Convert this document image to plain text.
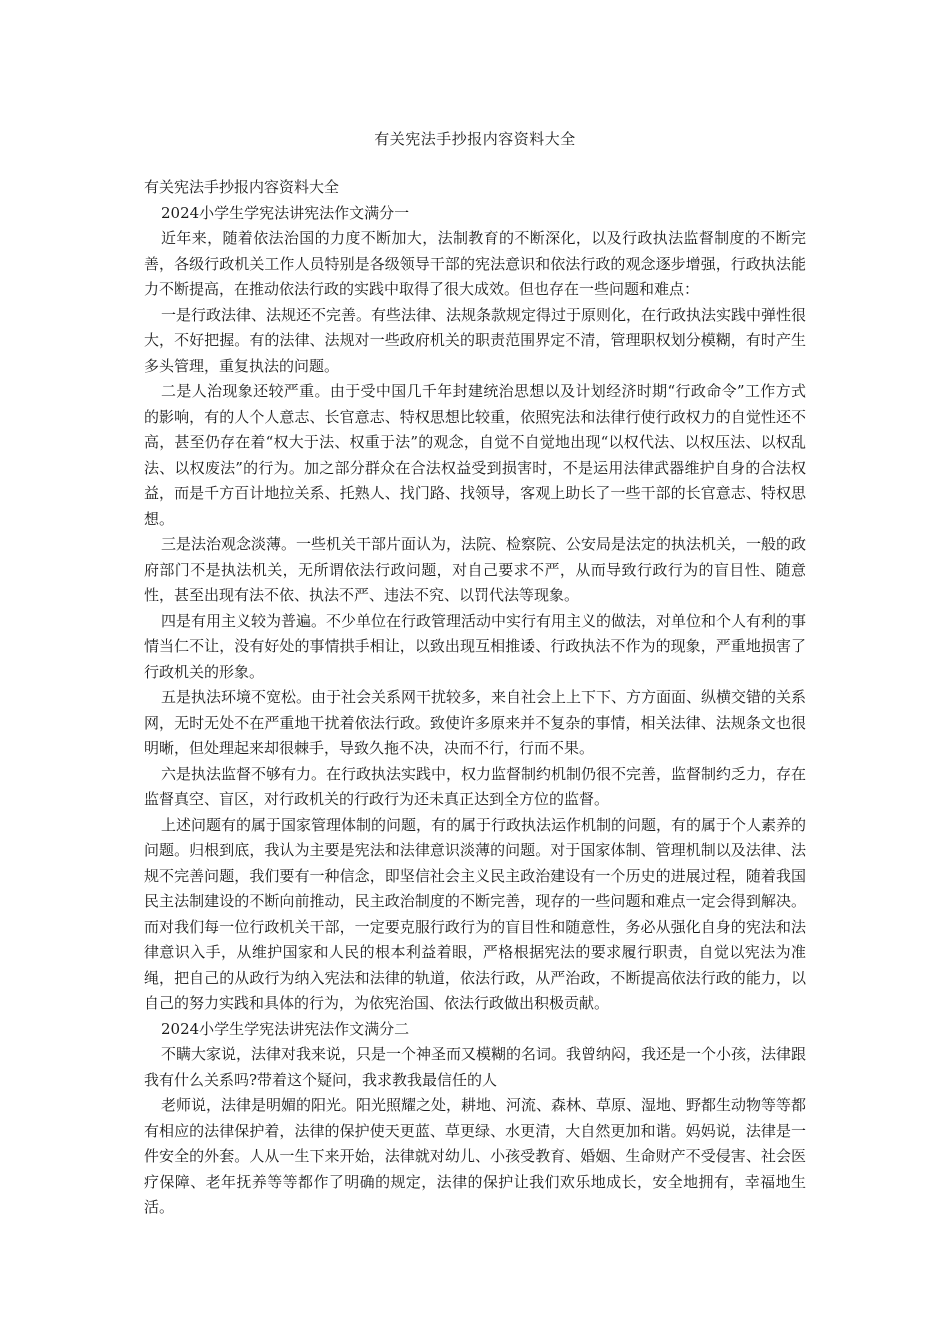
有关宪法手抄报内容资料大全

有关宪法手抄报内容资料大全

2024小学生学宪法讲宪法作文满分一

近年来，随着依法治国的力度不断加大，法制教育的不断深化，以及行政执法监督制度的不断完善，各级行政机关工作人员特别是各级领导干部的宪法意识和依法行政的观念逐步增强，行政执法能力不断提高，在推动依法行政的实践中取得了很大成效。但也存在一些问题和难点：

一是行政法律、法规还不完善。有些法律、法规条款规定得过于原则化，在行政执法实践中弹性很大，不好把握。有的法律、法规对一些政府机关的职责范围界定不清，管理职权划分模糊，有时产生多头管理，重复执法的问题。

二是人治现象还较严重。由于受中国几千年封建统治思想以及计划经济时期“行政命令”工作方式的影响，有的人个人意志、长官意志、特权思想比较重，依照宪法和法律行使行政权力的自觉性还不高，甚至仍存在着“权大于法、权重于法”的观念，自觉不自觉地出现“以权代法、以权压法、以权乱法、以权废法”的行为。加之部分群众在合法权益受到损害时，不是运用法律武器维护自身的合法权益，而是千方百计地拉关系、托熟人、找门路、找领导，客观上助长了一些干部的长官意志、特权思想。

三是法治观念淡薄。一些机关干部片面认为，法院、检察院、公安局是法定的执法机关，一般的政府部门不是执法机关，无所谓依法行政问题，对自己要求不严，从而导致行政行为的盲目性、随意性，甚至出现有法不依、执法不严、违法不究、以罚代法等现象。

四是有用主义较为普遍。不少单位在行政管理活动中实行有用主义的做法，对单位和个人有利的事情当仁不让，没有好处的事情拱手相让，以致出现互相推诿、行政执法不作为的现象，严重地损害了行政机关的形象。

五是执法环境不宽松。由于社会关系网干扰较多，来自社会上上下下、方方面面、纵横交错的关系网，无时无处不在严重地干扰着依法行政。致使许多原来并不复杂的事情，相关法律、法规条文也很明晰，但处理起来却很棘手，导致久拖不决，决而不行，行而不果。

六是执法监督不够有力。在行政执法实践中，权力监督制约机制仍很不完善，监督制约乏力，存在监督真空、盲区，对行政机关的行政行为还未真正达到全方位的监督。

上述问题有的属于国家管理体制的问题，有的属于行政执法运作机制的问题，有的属于个人素养的问题。归根到底，我认为主要是宪法和法律意识淡薄的问题。对于国家体制、管理机制以及法律、法规不完善问题，我们要有一种信念，即坚信社会主义民主政治建设有一个历史的进展过程，随着我国民主法制建设的不断向前推动，民主政治制度的不断完善，现存的一些问题和难点一定会得到解决。而对我们每一位行政机关干部，一定要克服行政行为的盲目性和随意性，务必从强化自身的宪法和法律意识入手，从维护国家和人民的根本利益着眼，严格根据宪法的要求履行职责，自觉以宪法为准绳，把自己的从政行为纳入宪法和法律的轨道，依法行政，从严治政，不断提高依法行政的能力，以自己的努力实践和具体的行为，为依宪治国、依法行政做出积极贡献。

2024小学生学宪法讲宪法作文满分二

不瞒大家说，法律对我来说，只是一个神圣而又模糊的名词。我曾纳闷，我还是一个小孩，法律跟我有什么关系吗?带着这个疑问，我求教我最信任的人

老师说，法律是明媚的阳光。阳光照耀之处，耕地、河流、森林、草原、湿地、野都生动物等等都有相应的法律保护着，法律的保护使天更蓝、草更绿、水更清，大自然更加和谐。妈妈说，法律是一件安全的外套。人从一生下来开始，法律就对幼儿、小孩受教育、婚姻、生命财产不受侵害、社会医疗保障、老年抚养等等都作了明确的规定，法律的保护让我们欢乐地成长，安全地拥有，幸福地生活。
